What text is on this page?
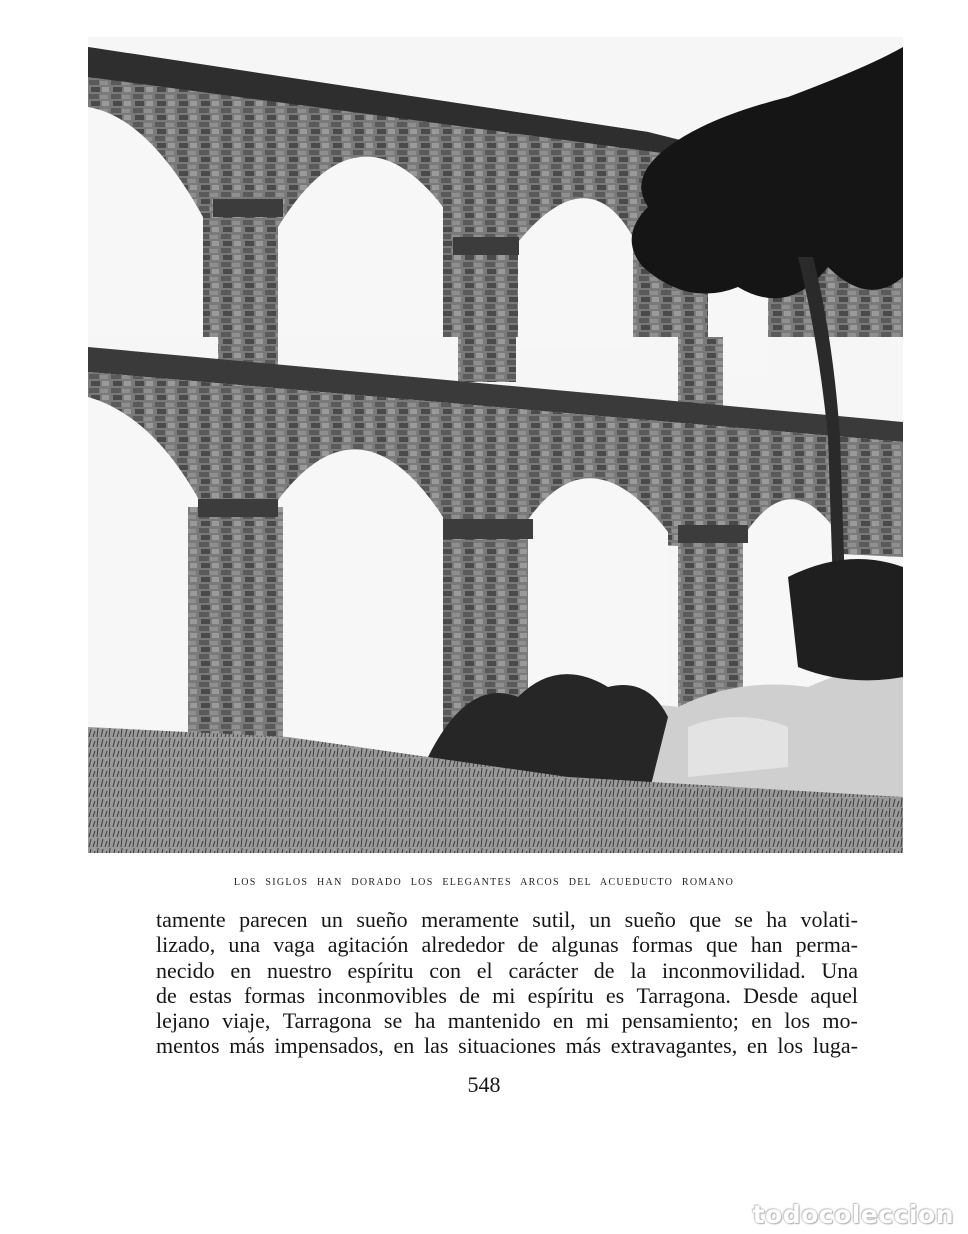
LOS SIGLOS HAN DORADO LOS ELEGANTES ARCOS DEL ACUEDUCTO ROMANO
tamente parecen un sueño meramente sutil, un sueño que se ha volati-
lizado, una vaga agitación alrededor de algunas formas que han perma-
necido en nuestro espíritu con el carácter de la inconmovilidad. Una
de estas formas inconmovibles de mi espíritu es Tarragona. Desde aquel
lejano viaje, Tarragona se ha mantenido en mi pensamiento; en los mo-
mentos más impensados, en las situaciones más extravagantes, en los luga-
548
todocoleccion
